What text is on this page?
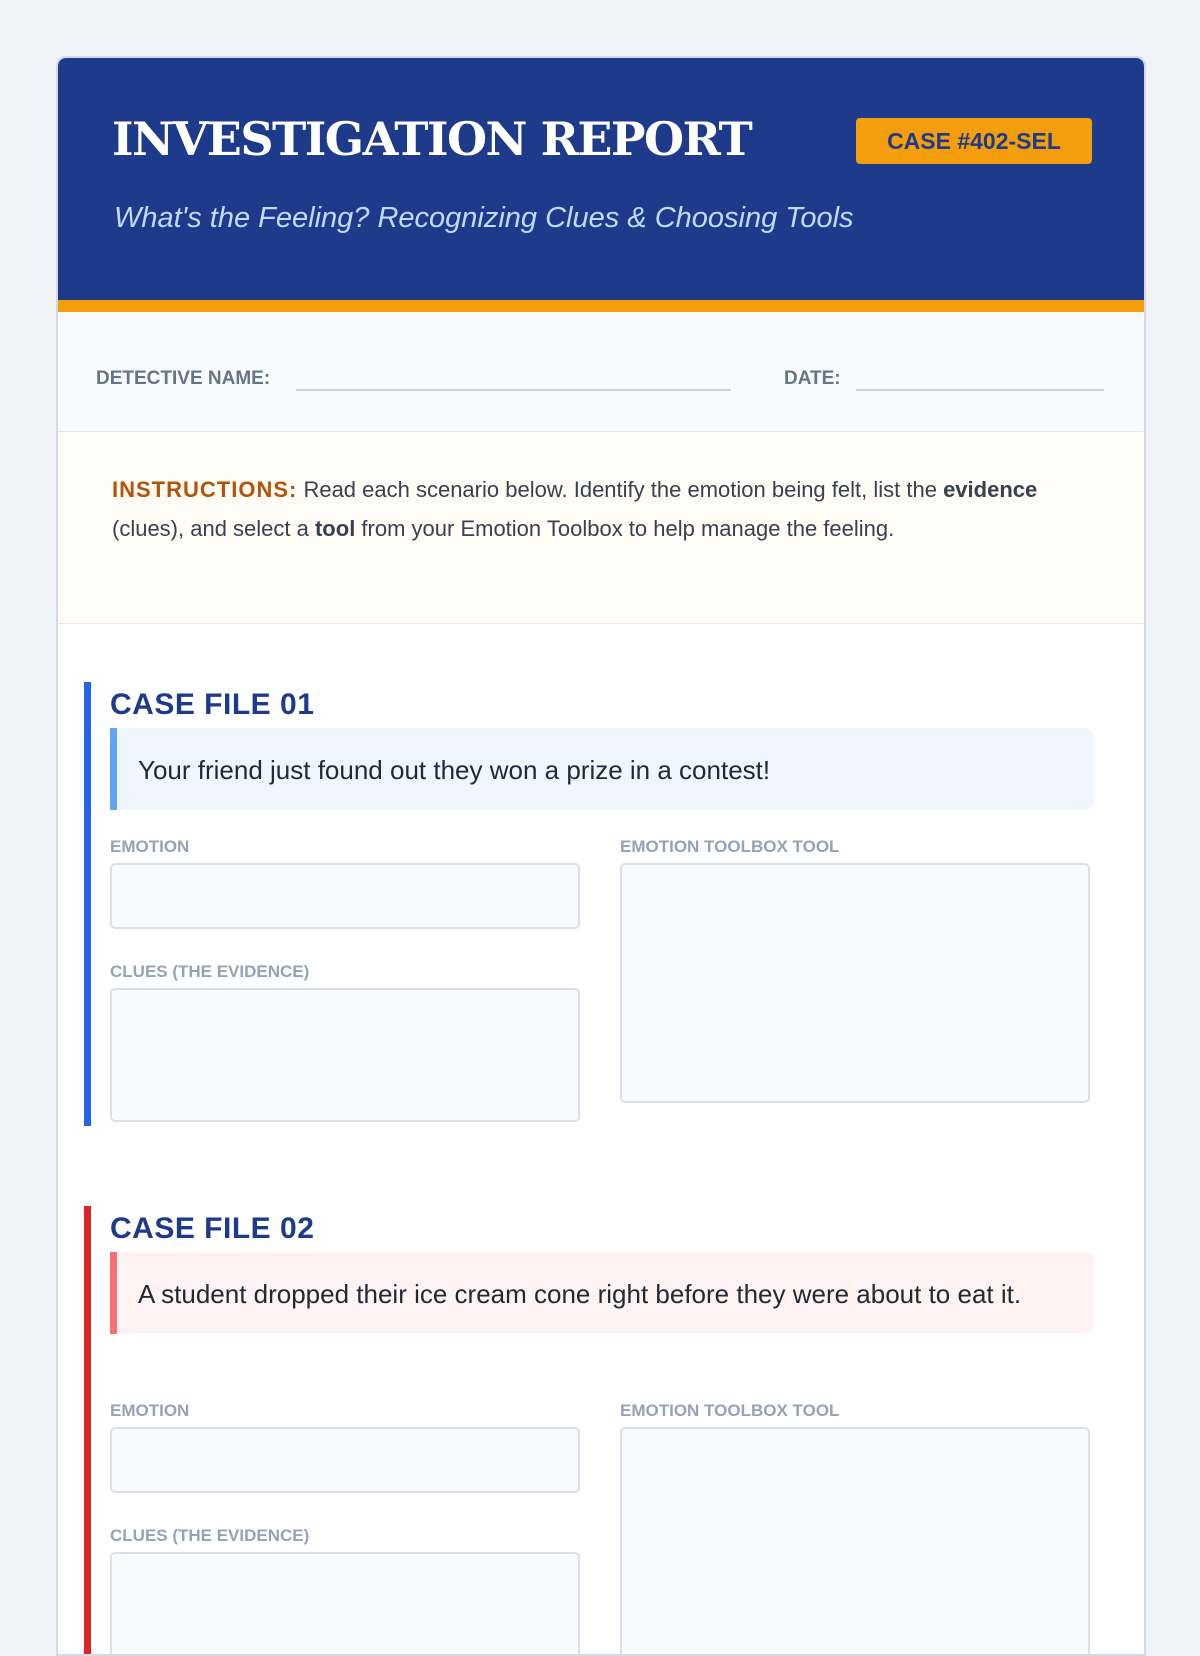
INVESTIGATION REPORT	CASE #402-SEL
What's the Feeling? Recognizing Clues & Choosing Tools
DETECTIVE NAME:	DATE:
INSTRUCTIONS: Read each scenario below. Identify the emotion being felt, list the evidence (clues), and select a tool from your Emotion Toolbox to help manage the feeling.
CASE FILE 01
Your friend just found out they won a prize in a contest!
EMOTION
CLUES (THE EVIDENCE)
EMOTION TOOLBOX TOOL
CASE FILE 02
A student dropped their ice cream cone right before they were about to eat it.
EMOTION
CLUES (THE EVIDENCE)
EMOTION TOOLBOX TOOL
